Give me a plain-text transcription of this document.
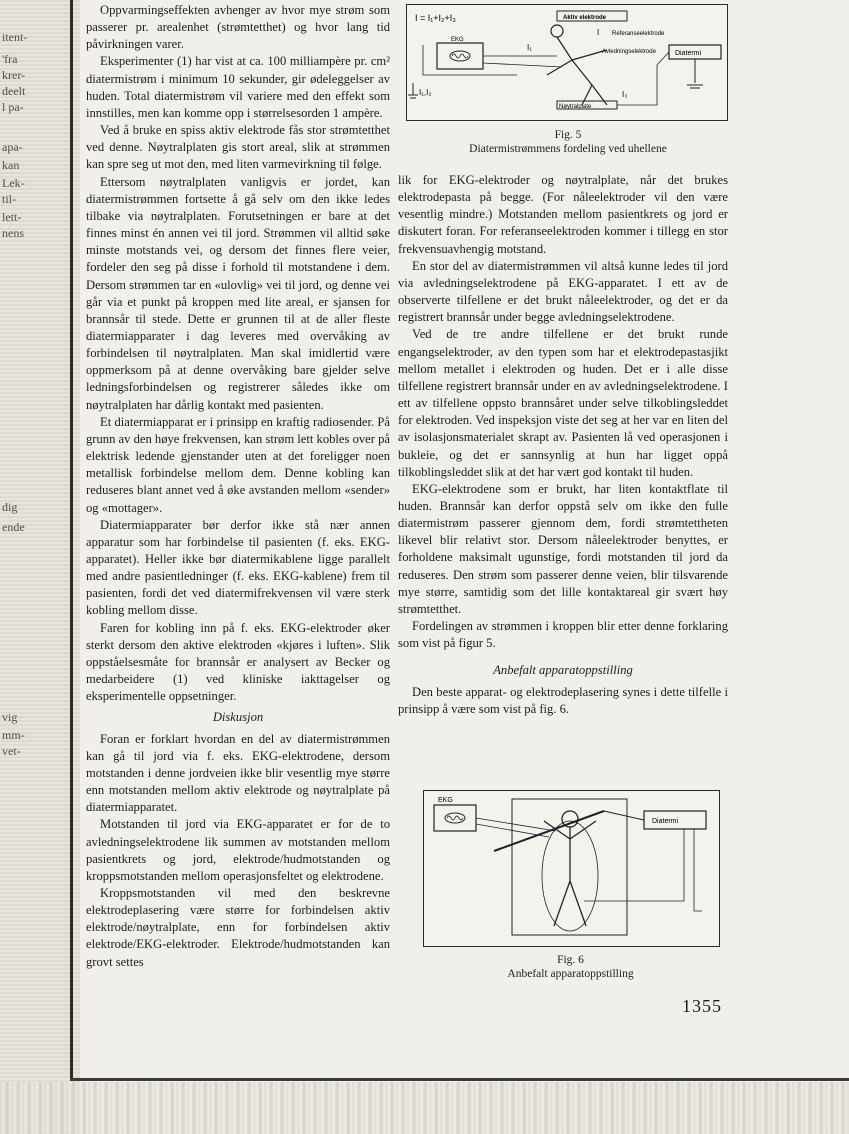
itent-
'fra
krer-
deelt
l pa-
apa-
kan
Lek-
til-
lett-
nens
dig
ende
vig
mm-
vet-

Oppvarmingseffekten avhenger av hvor mye strøm som passerer pr. arealenhet (strømtetthet) og hvor lang tid påvirkningen varer.

Eksperimenter (1) har vist at ca. 100 milliampère pr. cm² diatermistrøm i minimum 10 sekunder, gir ødeleggelser av huden. Total diatermistrøm vil variere med den effekt som innstilles, men kan komme opp i størrelsesorden 1 ampère.

Ved å bruke en spiss aktiv elektrode fås stor strømtetthet ved denne. Nøytralplaten gis stort areal, slik at strømmen kan spre seg ut mot den, med liten varmevirkning til følge.

Ettersom nøytralplaten vanligvis er jordet, kan diatermistrømmen fortsette å gå selv om den ikke ledes tilbake via nøytralplaten. Forutsetningen er bare at det finnes minst én annen vei til jord. Strømmen vil alltid søke minste motstands vei, og dersom det finnes flere veier, fordeler den seg på disse i forhold til motstandene i dem. Dersom strømmen tar en «ulovlig» vei til jord, og denne vei går via et punkt på kroppen med lite areal, er sjansen for brannsår til stede. Dette er grunnen til at de aller fleste diatermiapparater i dag leveres med overvåking av forbindelsen til nøytralplaten. Man skal imidlertid være oppmerksom på at denne overvåking bare gjelder selve ledningsforbindelsen og registrerer således ikke om nøytralplaten har dårlig kontakt med pasienten.

Et diatermiapparat er i prinsipp en kraftig radiosender. På grunn av den høye frekvensen, kan strøm lett kobles over på elektrisk ledende gjenstander uten at det foreligger noen metallisk forbindelse mellom dem. Denne kobling kan reduseres blant annet ved å øke avstanden mellom «sender» og «mottager».

Diatermiapparater bør derfor ikke stå nær annen apparatur som har forbindelse til pasienten (f. eks. EKG-apparatet). Heller ikke bør diatermikablene ligge parallelt med andre pasientledninger (f. eks. EKG-kablene) frem til pasienten, fordi det ved diatermifrekvensen vil være sterk kobling mellom disse.

Faren for kobling inn på f. eks. EKG-elektroder øker sterkt dersom den aktive elektroden «kjøres i luften». Slik oppståelsesmåte for brannsår er analysert av Becker og medarbeidere (1) ved kliniske iakttagelser og eksperimentelle oppsetninger.

Diskusjon

Foran er forklart hvordan en del av diatermistrømmen kan gå til jord via f. eks. EKG-elektrodene, dersom motstanden i denne jordveien ikke blir vesentlig mye større enn motstanden mellom aktiv elektrode og nøytralplate på diatermiapparatet.

Motstanden til jord via EKG-apparatet er for de to avledningselektrodene lik summen av motstanden mellom pasientkrets og jord, elektrode/hudmotstanden og kroppsmotstanden mellom operasjonsfeltet og elektrodene.

Kroppsmotstanden vil med den beskrevne elektrodeplasering være større for forbindelsen aktiv elektrode/nøytralplate, enn for forbindelsen aktiv elektrode/EKG-elektroder. Elektrode/hudmotstanden kan grovt settes

I = I₁+I₂+I₃	Aktiv elektrode
EKG
Referanseelektrode
Avledningselektrode	Diatermi
Nøytralplate
I₁,I₂
I₁
I
I₃
Fig. 5
Diatermistrømmens fordeling ved uhellene

lik for EKG-elektroder og nøytralplate, når det brukes elektrodepasta på begge. (For nåleelektroder vil den være vesentlig mindre.) Motstanden mellom pasientkrets og jord er diskutert foran. For referanseelektroden kommer i tillegg en stor frekvensuavhengig motstand.

En stor del av diatermistrømmen vil altså kunne ledes til jord via avledningselektrodene på EKG-apparatet. I ett av de observerte tilfellene er det brukt nåleelektroder, og det er da registrert brannsår under begge avledningselektrodene.

Ved de tre andre tilfellene er det brukt runde engangselektroder, av den typen som har et elektrodepastasjikt mellom metallet i elektroden og huden. Det er i alle disse tilfellene registrert brannsår under en av avledningselektrodene. I ett av tilfellene oppsto brannsåret under selve tilkoblingsleddet for elektroden. Ved inspeksjon viste det seg at her var en liten del av isolasjonsmaterialet skrapt av. Pasienten lå ved operasjonen i bukleie, og det er sannsynlig at hun har ligget oppå tilkoblingsleddet slik at det har vært god kontakt til huden.

EKG-elektrodene som er brukt, har liten kontaktflate til huden. Brannsår kan derfor oppstå selv om ikke den fulle diatermistrøm passerer gjennom dem, fordi strømtettheten likevel blir relativt stor. Dersom nåleelektroder benyttes, er forholdene maksimalt ugunstige, fordi motstanden til jord da reduseres. Den strøm som passerer denne veien, blir tilsvarende mye større, samtidig som det lille kontaktareal gir svært høy strømtetthet.

Fordelingen av strømmen i kroppen blir etter denne forklaring som vist på figur 5.

Anbefalt apparatoppstilling

Den beste apparat- og elektrodeplasering synes i dette tilfelle i prinsipp å være som vist på fig. 6.

EKG
Diatermi
Fig. 6
Anbefalt apparatoppstilling
1355
